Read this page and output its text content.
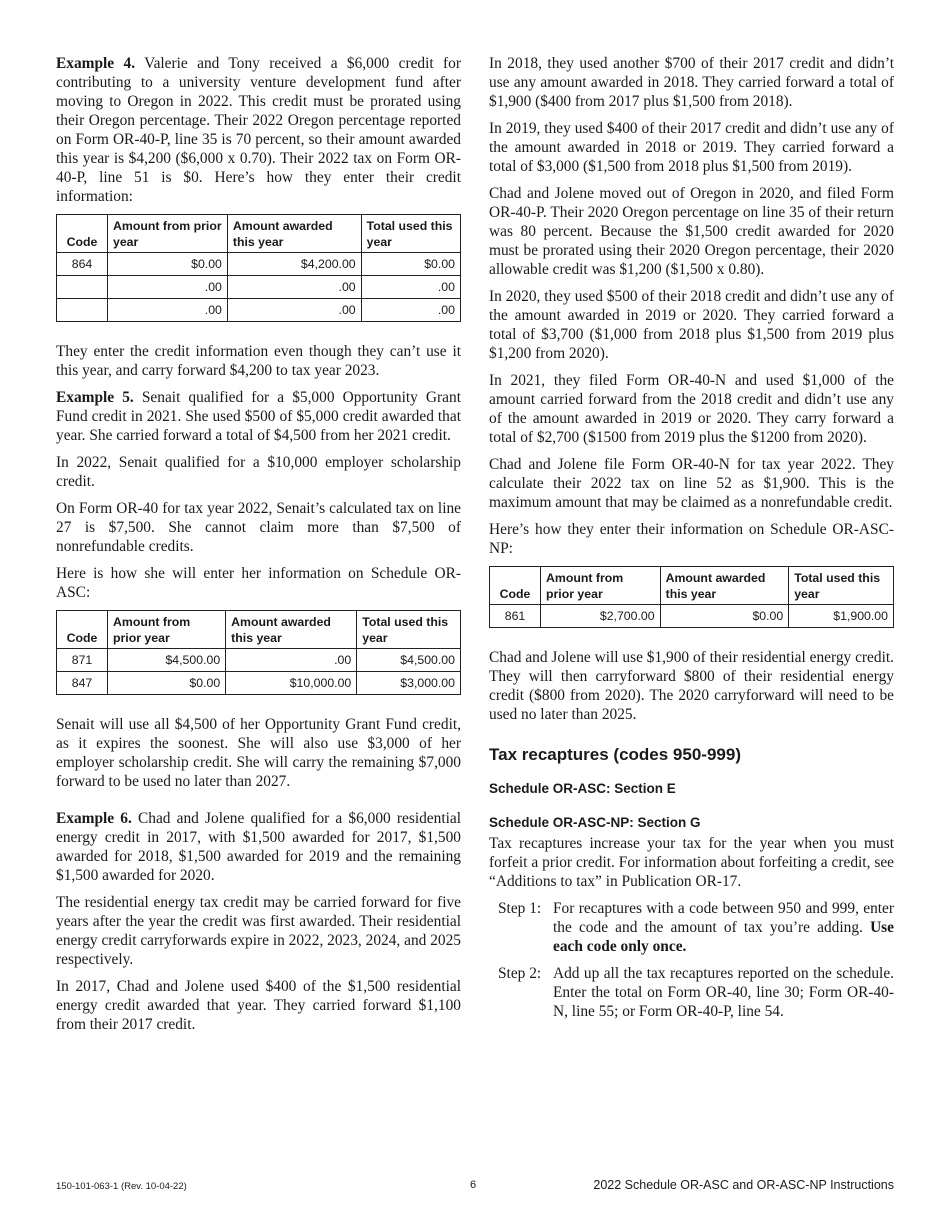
Example 4. Valerie and Tony received a $6,000 credit for contributing to a university venture development fund after moving to Oregon in 2022. This credit must be prorated using their Oregon percentage. Their 2022 Oregon percentage reported on Form OR-40-P, line 35 is 70 percent, so their amount awarded this year is $4,200 ($6,000 x 0.70). Their 2022 tax on Form OR-40-P, line 51 is $0. Here’s how they enter their credit information:

Code	Amount from prior year	Amount awarded this year	Total used this year
864	$0.00	$4,200.00	$0.00
	.00	.00	.00
	.00	.00	.00

They enter the credit information even though they can’t use it this year, and carry forward $4,200 to tax year 2023.

Example 5. Senait qualified for a $5,000 Opportunity Grant Fund credit in 2021. She used $500 of $5,000 credit awarded that year. She carried forward a total of $4,500 from her 2021 credit.

In 2022, Senait qualified for a $10,000 employer scholarship credit.

On Form OR-40 for tax year 2022, Senait’s calculated tax on line 27 is $7,500. She cannot claim more than $7,500 of nonrefundable credits.

Here is how she will enter her information on Schedule OR-ASC:

Code	Amount from prior year	Amount awarded this year	Total used this year
871	$4,500.00	.00	$4,500.00
847	$0.00	$10,000.00	$3,000.00

Senait will use all $4,500 of her Opportunity Grant Fund credit, as it expires the soonest. She will also use $3,000 of her employer scholarship credit. She will carry the remaining $7,000 forward to be used no later than 2027.

Example 6. Chad and Jolene qualified for a $6,000 residential energy credit in 2017, with $1,500 awarded for 2017, $1,500 awarded for 2018, $1,500 awarded for 2019 and the remaining $1,500 awarded for 2020.

The residential energy tax credit may be carried forward for five years after the year the credit was first awarded. Their residential energy credit carryforwards expire in 2022, 2023, 2024, and 2025 respectively.

In 2017, Chad and Jolene used $400 of the $1,500 residential energy credit awarded that year. They carried forward $1,100 from their 2017 credit.

In 2018, they used another $700 of their 2017 credit and didn’t use any amount awarded in 2018. They carried forward a total of $1,900 ($400 from 2017 plus $1,500 from 2018).

In 2019, they used $400 of their 2017 credit and didn’t use any of the amount awarded in 2018 or 2019. They carried forward a total of $3,000 ($1,500 from 2018 plus $1,500 from 2019).

Chad and Jolene moved out of Oregon in 2020, and filed Form OR-40-P. Their 2020 Oregon percentage on line 35 of their return was 80 percent. Because the $1,500 credit awarded for 2020 must be prorated using their 2020 Oregon percentage, their 2020 allowable credit was $1,200 ($1,500 x 0.80).

In 2020, they used $500 of their 2018 credit and didn’t use any of the amount awarded in 2019 or 2020. They carried forward a total of $3,700 ($1,000 from 2018 plus $1,500 from 2019 plus $1,200 from 2020).

In 2021, they filed Form OR-40-N and used $1,000 of the amount carried forward from the 2018 credit and didn’t use any of the amount awarded in 2019 or 2020. They carry forward a total of $2,700 ($1500 from 2019 plus the $1200 from 2020).

Chad and Jolene file Form OR-40-N for tax year 2022. They calculate their 2022 tax on line 52 as $1,900. This is the maximum amount that may be claimed as a nonrefundable credit.

Here’s how they enter their information on Schedule OR-ASC-NP:

Code	Amount from prior year	Amount awarded this year	Total used this year
861	$2,700.00	$0.00	$1,900.00

Chad and Jolene will use $1,900 of their residential energy credit. They will then carryforward $800 of their residential energy credit ($800 from 2020). The 2020 carryforward will need to be used no later than 2025.

Tax recaptures (codes 950-999)
Schedule OR-ASC: Section E
Schedule OR-ASC-NP: Section G

Tax recaptures increase your tax for the year when you must forfeit a prior credit. For information about forfeiting a credit, see “Additions to tax” in Publication OR-17.

Step 1: For recaptures with a code between 950 and 999, enter the code and the amount of tax you’re adding. Use each code only once.
Step 2: Add up all the tax recaptures reported on the schedule. Enter the total on Form OR-40, line 30; Form OR-40-N, line 55; or Form OR-40-P, line 54.
150-101-063-1 (Rev. 10-04-22)	6	2022 Schedule OR-ASC and OR-ASC-NP Instructions
